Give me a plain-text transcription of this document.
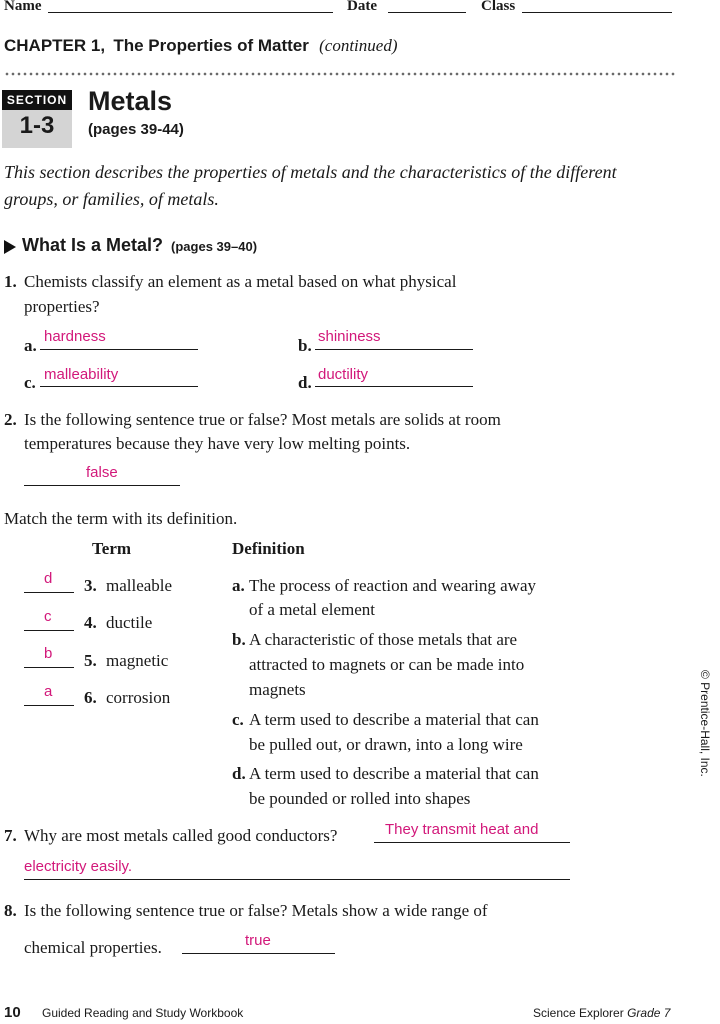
Name	Date	Class
CHAPTER 1, The Properties of Matter (continued)
SECTION
1-3
Metals
(pages 39-44)
This section describes the properties of metals and the characteristics of the different
groups, or families, of metals.
What Is a Metal? (pages 39–40)
1. Chemists classify an element as a metal based on what physical
properties?
a. hardness	b. shininess
c. malleability	d. ductility
2. Is the following sentence true or false? Most metals are solids at room
temperatures because they have very low melting points.
false
Match the term with its definition.
Term	Definition
d 3. malleable
c 4. ductile
b 5. magnetic
a 6. corrosion
a. The process of reaction and wearing away
of a metal element
b. A characteristic of those metals that are
attracted to magnets or can be made into
magnets
c. A term used to describe a material that can
be pulled out, or drawn, into a long wire
d. A term used to describe a material that can
be pounded or rolled into shapes
7. Why are most metals called good conductors?	They transmit heat and
electricity easily.
8. Is the following sentence true or false? Metals show a wide range of
chemical properties.	true
© Prentice-Hall, Inc.
10 Guided Reading and Study Workbook	Science Explorer Grade 7
